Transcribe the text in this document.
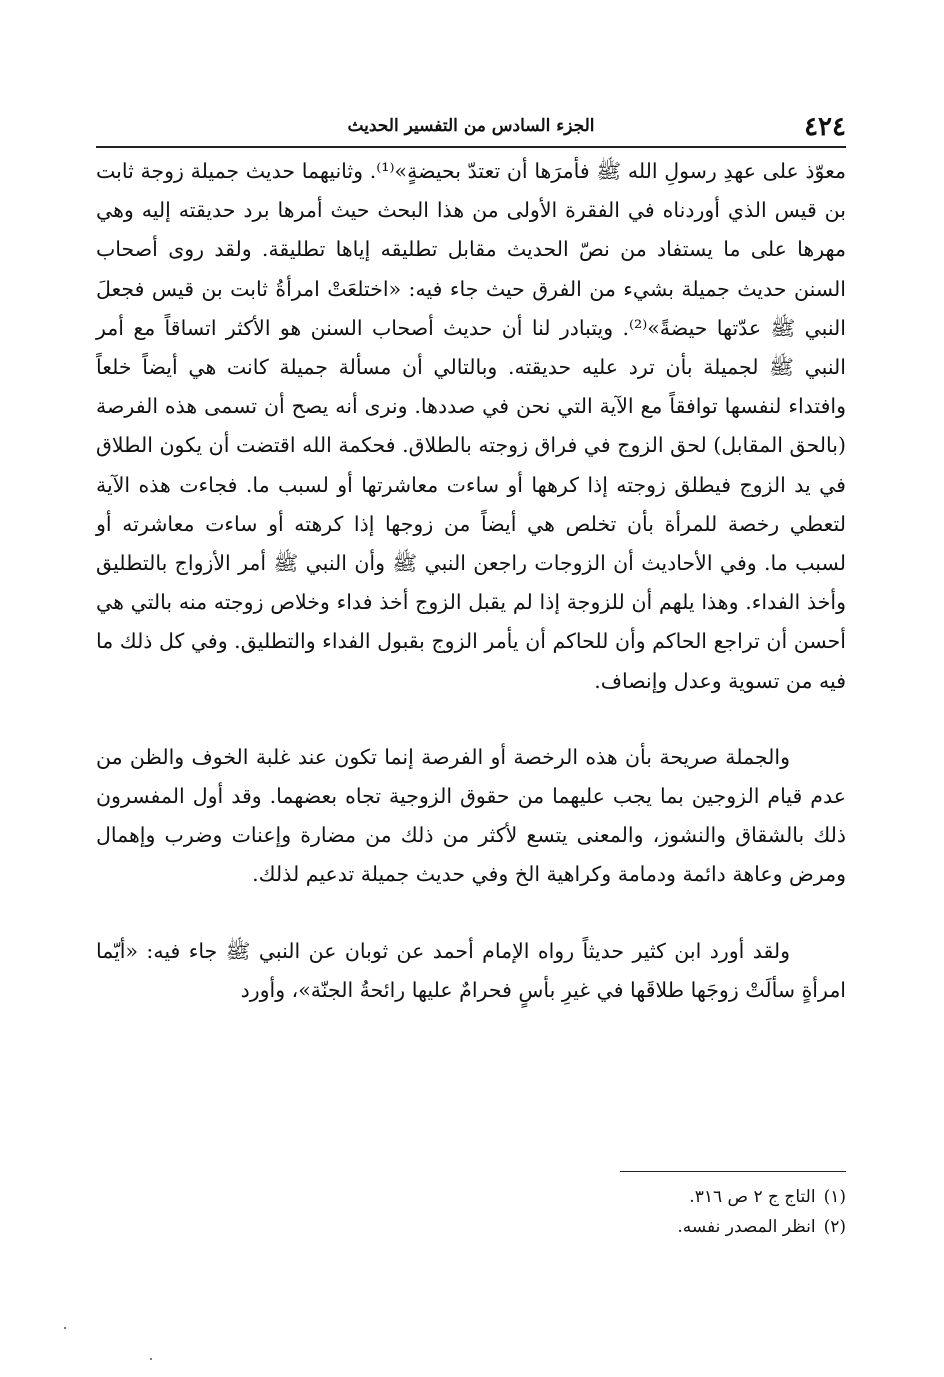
٤٢٤
الجزء السادس من التفسير الحديث

معوّذ على عهدِ رسولِ الله ﷺ فأمرَها أن تعتدّ بحيضةٍ»⁽¹⁾. وثانيهما حديث جميلة زوجة ثابت بن قيس الذي أوردناه في الفقرة الأولى من هذا البحث حيث أمرها برد حديقته إليه وهي مهرها على ما يستفاد من نصّ الحديث مقابل تطليقه إياها تطليقة. ولقد روى أصحاب السنن حديث جميلة بشيء من الفرق حيث جاء فيه: «اختلعَتْ امرأةُ ثابت بن قيس فجعلَ النبي ﷺ عدّتها حيضةً»⁽²⁾. ويتبادر لنا أن حديث أصحاب السنن هو الأكثر اتساقاً مع أمر النبي ﷺ لجميلة بأن ترد عليه حديقته. وبالتالي أن مسألة جميلة كانت هي أيضاً خلعاً وافتداء لنفسها توافقاً مع الآية التي نحن في صددها. ونرى أنه يصح أن تسمى هذه الفرصة (بالحق المقابل) لحق الزوج في فراق زوجته بالطلاق. فحكمة الله اقتضت أن يكون الطلاق في يد الزوج فيطلق زوجته إذا كرهها أو ساءت معاشرتها أو لسبب ما. فجاءت هذه الآية لتعطي رخصة للمرأة بأن تخلص هي أيضاً من زوجها إذا كرهته أو ساءت معاشرته أو لسبب ما. وفي الأحاديث أن الزوجات راجعن النبي ﷺ وأن النبي ﷺ أمر الأزواج بالتطليق وأخذ الفداء. وهذا يلهم أن للزوجة إذا لم يقبل الزوج أخذ فداء وخلاص زوجته منه بالتي هي أحسن أن تراجع الحاكم وأن للحاكم أن يأمر الزوج بقبول الفداء والتطليق. وفي كل ذلك ما فيه من تسوية وعدل وإنصاف.

والجملة صريحة بأن هذه الرخصة أو الفرصة إنما تكون عند غلبة الخوف والظن من عدم قيام الزوجين بما يجب عليهما من حقوق الزوجية تجاه بعضهما. وقد أول المفسرون ذلك بالشقاق والنشوز، والمعنى يتسع لأكثر من ذلك من مضارة وإعنات وضرب وإهمال ومرض وعاهة دائمة ودمامة وكراهية الخ وفي حديث جميلة تدعيم لذلك.

ولقد أورد ابن كثير حديثاً رواه الإمام أحمد عن ثوبان عن النبي ﷺ جاء فيه: «أيّما امرأةٍ سألَتْ زوجَها طلاقَها في غيرِ بأسٍ فحرامٌ عليها رائحةُ الجنّة»، وأورد

(١)التاج ج ٢ ص ٣١٦.

(٢)انظر المصدر نفسه.
